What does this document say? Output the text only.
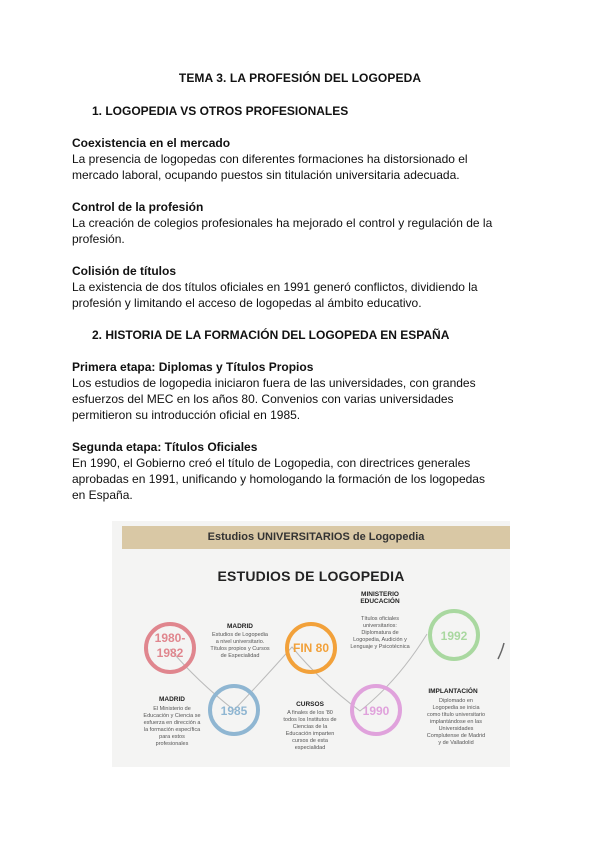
TEMA 3. LA PROFESIÓN DEL LOGOPEDA
1. LOGOPEDIA VS OTROS PROFESIONALES
Coexistencia en el mercado
La presencia de logopedas con diferentes formaciones ha distorsionado el
mercado laboral, ocupando puestos sin titulación universitaria adecuada.
Control de la profesión
La creación de colegios profesionales ha mejorado el control y regulación de la
profesión.
Colisión de títulos
La existencia de dos títulos oficiales en 1991 generó conflictos, dividiendo la
profesión y limitando el acceso de logopedas al ámbito educativo.
2. HISTORIA DE LA FORMACIÓN DEL LOGOPEDA EN ESPAÑA
Primera etapa: Diplomas y Títulos Propios
Los estudios de logopedia iniciaron fuera de las universidades, con grandes
esfuerzos del MEC en los años 80. Convenios con varias universidades
permitieron su introducción oficial en 1985.
Segunda etapa: Títulos Oficiales
En 1990, el Gobierno creó el título de Logopedia, con directrices generales
aprobadas en 1991, unificando y homologando la formación de los logopedas
en España.
Estudios UNIVERSITARIOS de Logopedia
ESTUDIOS DE LOGOPEDIA
1980-
1982
1985
FIN 80
1990
1992
MADRID
El Ministerio de
Educación y Ciencia se
esfuerza en dirección a
la formación específica
para estos
profesionales
MADRID
Estudios de Logopedia
a nivel universitario.
Títulos propios y Cursos
de Especialidad
CURSOS
A finales de los '80
todos los Institutos de
Ciencias de la
Educación imparten
cursos de esta
especialidad
MINISTERIO
EDUCACIÓN
Títulos oficiales
universitarios:
Diplomatura de
Logopedia, Audición y
Lenguaje y Psicotécnica
IMPLANTACIÓN
Diplomado en
Logopedia se inicia
como título universitario
implantándose en las
Universidades
Complutense de Madrid
y de Valladolid
